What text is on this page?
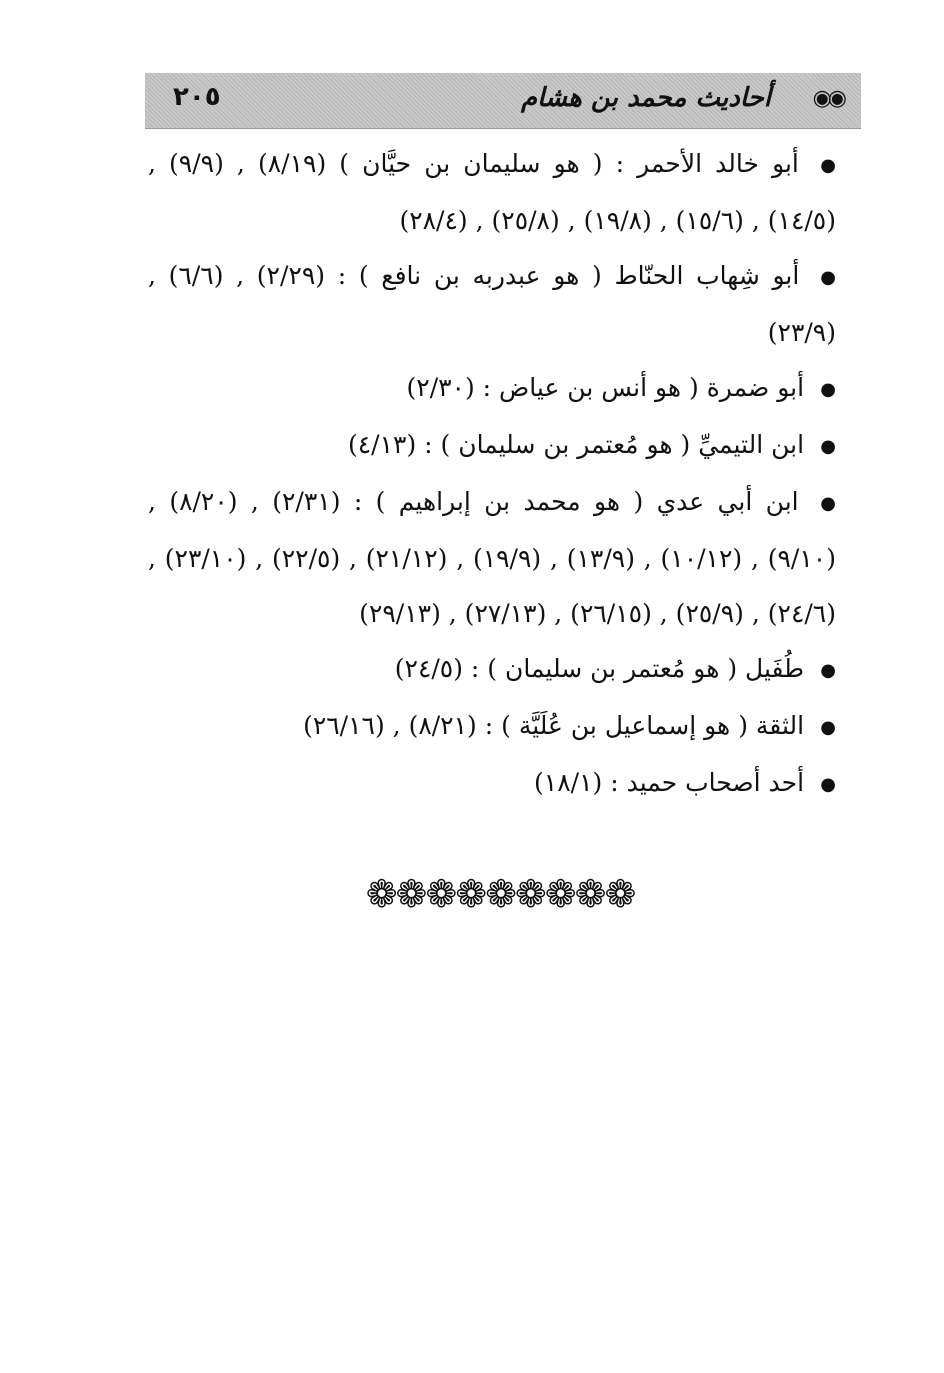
◉◉
أحاديث محمد بن هشام
٢٠٥

● أبو خالد الأحمر : ( هو سليمان بن حيَّان ) (٨/١٩) , (٩/٩) , (١٤/٥) , (١٥/٦) , (١٩/٨) , (٢٥/٨) , (٢٨/٤)

● أبو شِهاب الحنّاط ( هو عبدربه بن نافع ) : (٢/٢٩) , (٦/٦) , (٢٣/٩)

● أبو ضمرة ( هو أنس بن عياض : (٢/٣٠)

● ابن التيميِّ ( هو مُعتمر بن سليمان ) : (٤/١٣)

● ابن أبي عدي ( هو محمد بن إبراهيم ) : (٢/٣١) , (٨/٢٠) , (٩/١٠) , (١٠/١٢) , (١٣/٩) , (١٩/٩) , (٢١/١٢) , (٢٢/٥) , (٢٣/١٠) , (٢٤/٦) , (٢٥/٩) , (٢٦/١٥) , (٢٧/١٣) , (٢٩/١٣)

● طُفَيل ( هو مُعتمر بن سليمان ) : (٢٤/٥)

● الثقة ( هو إسماعيل بن عُلَيَّة ) : (٨/٢١) , (٢٦/١٦)

● أحد أصحاب حميد : (١٨/١)

❁❁❁❁❁❁❁❁❁
